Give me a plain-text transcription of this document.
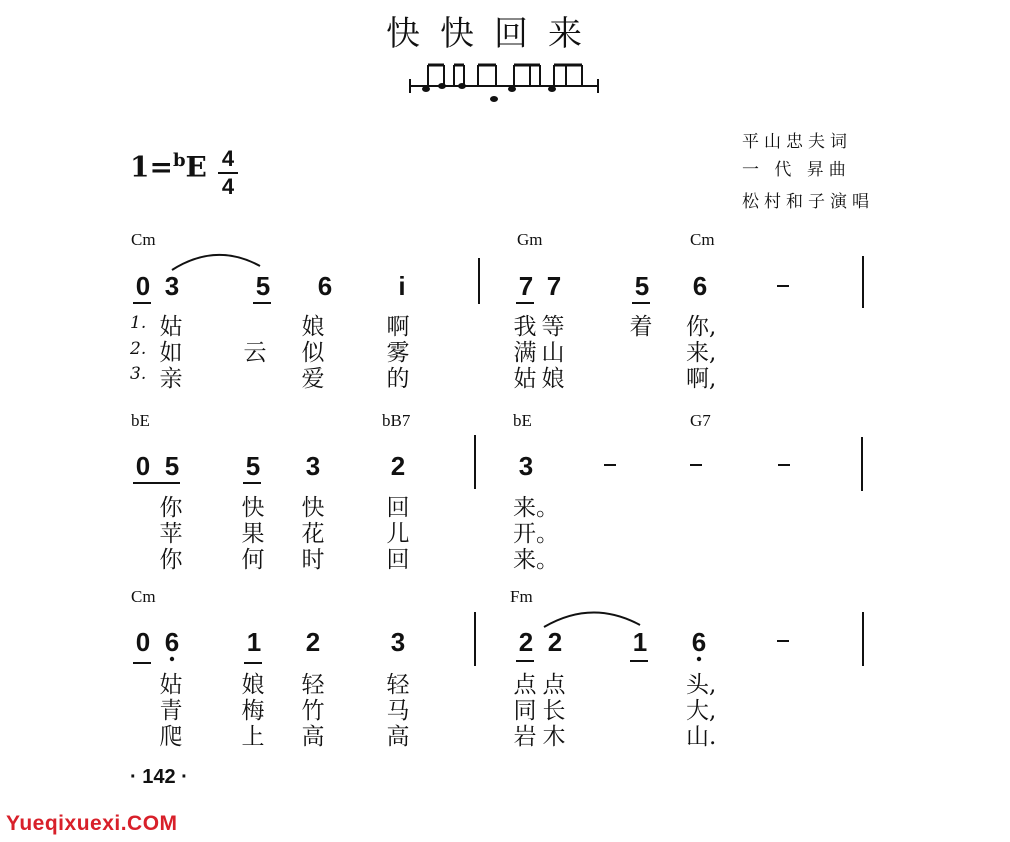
快快回来
平山忠夫词
一 代 昇曲
松村和子演唱
1=$^b$E 4
4
Cm	Gm	Cm
0 3	5 6	i	7 7	5 6
1.
2.
3.
姑	娘	啊	我 等	着 你,
如	云 似	雾	满 山	来,
亲	爱	的	姑 娘	啊,
bE	bB7	bE	G7
0 5	5 3	2	3
你	快 快	回	来。
苹	果 花	儿	开。
你	何 时	回	来。
Cm	Fm
0 6	1 2	3	2 2	1 6
姑	娘 轻	轻	点 点	头,
青	梅 竹	马	同 长	大,
爬	上 高	高	岩 木	山.
· 142 ·
Yueqixuexi.COM
